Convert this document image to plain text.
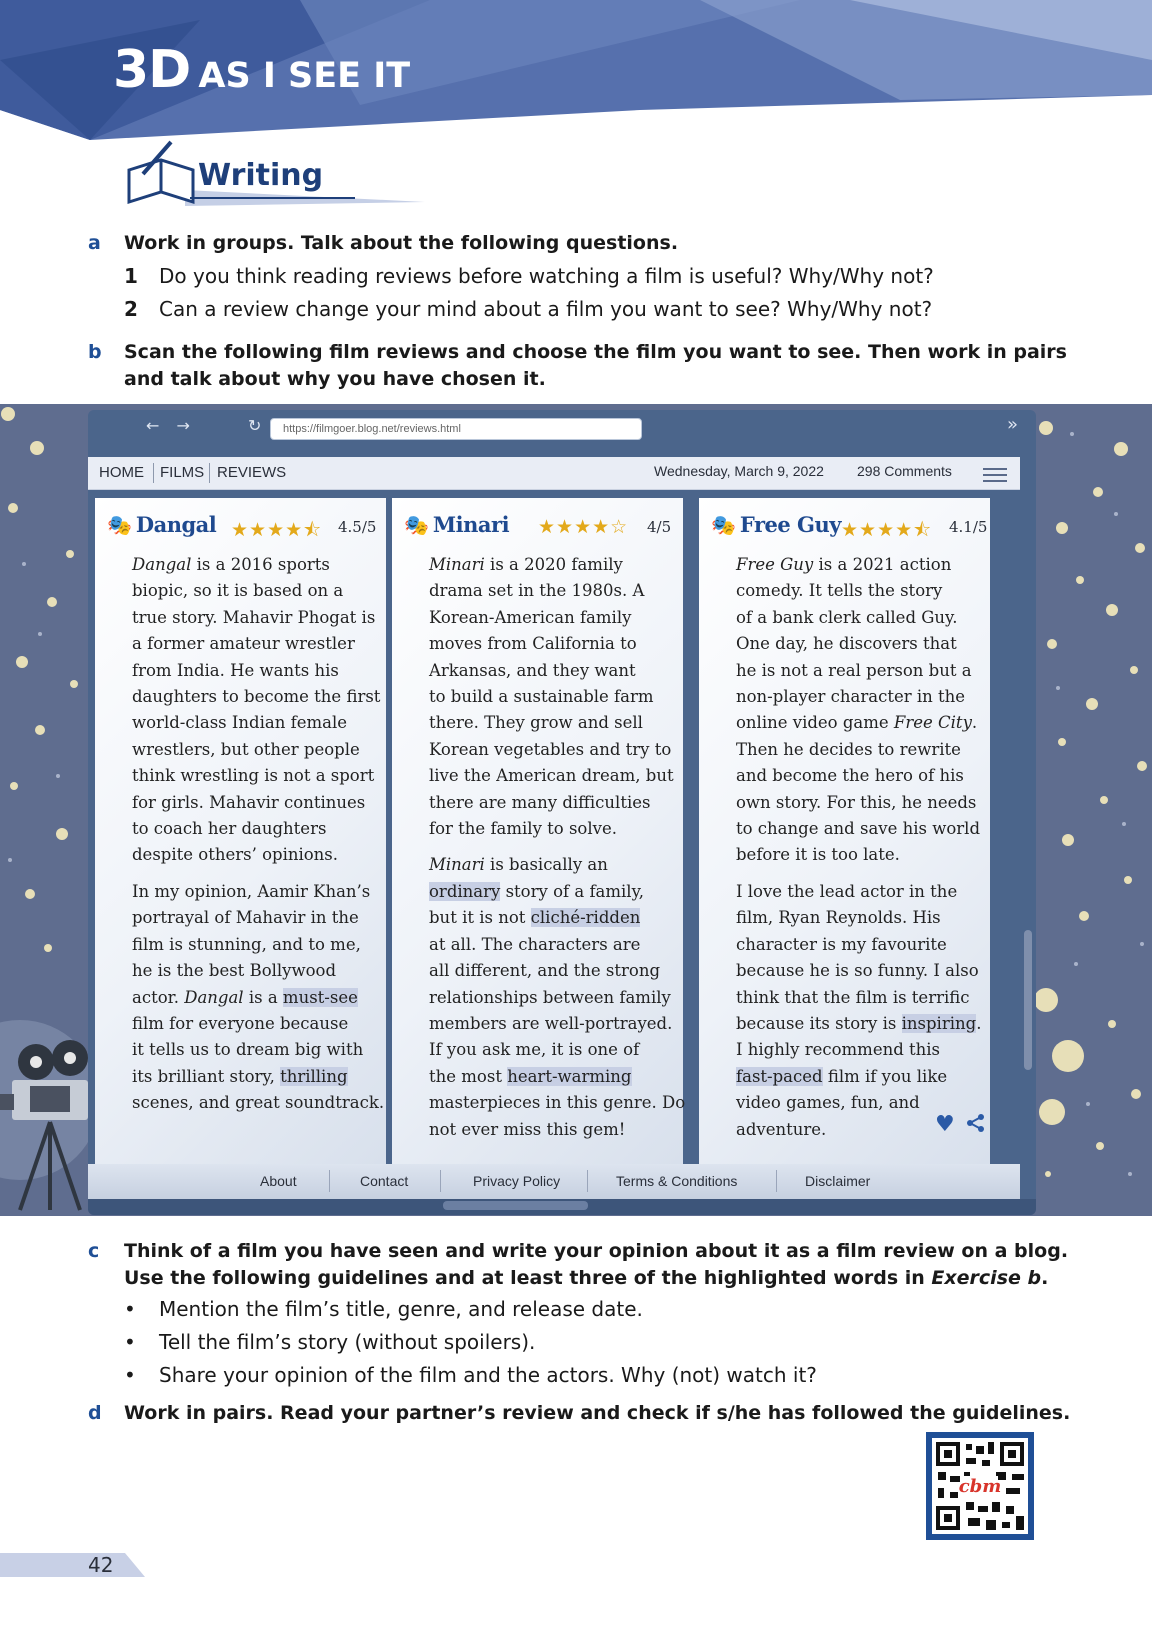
3D AS I SEE IT
Writing
a Work in groups. Talk about the following questions.
1 Do you think reading reviews before watching a film is useful? Why/Why not?
2 Can a review change your mind about a film you want to see? Why/Why not?
b Scan the following film reviews and choose the film you want to see. Then work in pairs
and talk about why you have chosen it.
← →	↻	https://filmgoer.blog.net/reviews.html	»
HOME FILMS REVIEWS	Wednesday, March 9, 2022 298 Comments
🎭 Dangal ★★★★⯪ 4.5/5

Dangal is a 2016 sports
biopic, so it is based on a
true story. Mahavir Phogat is
a former amateur wrestler
from India. He wants his
daughters to become the first
world-class Indian female
wrestlers, but other people
think wrestling is not a sport
for girls. Mahavir continues
to coach her daughters
despite others’ opinions.

In my opinion, Aamir Khan’s
portrayal of Mahavir in the
film is stunning, and to me,
he is the best Bollywood
actor. Dangal is a must-see
film for everyone because
it tells us to dream big with
its brilliant story, thrilling
scenes, and great soundtrack.

🎭 Minari ★★★★☆ 4/5

Minari is a 2020 family
drama set in the 1980s. A
Korean-American family
moves from California to
Arkansas, and they want
to build a sustainable farm
there. They grow and sell
Korean vegetables and try to
live the American dream, but
there are many difficulties
for the family to solve.

Minari is basically an
ordinary story of a family,
but it is not cliché-ridden
at all. The characters are
all different, and the strong
relationships between family
members are well-portrayed.
If you ask me, it is one of
the most heart-warming
masterpieces in this genre. Do
not ever miss this gem!

🎭 Free Guy ★★★★⯪ 4.1/5

Free Guy is a 2021 action
comedy. It tells the story
of a bank clerk called Guy.
One day, he discovers that
he is not a real person but a
non-player character in the
online video game Free City.
Then he decides to rewrite
and become the hero of his
own story. For this, he needs
to change and save his world
before it is too late.

I love the lead actor in the
film, Ryan Reynolds. His
character is my favourite
because he is so funny. I also
think that the film is terrific
because its story is inspiring.
I highly recommend this
fast-paced film if you like
video games, fun, and
adventure.	♥
About	Contact	Privacy Policy	Terms & Conditions	Disclaimer
c Think of a film you have seen and write your opinion about it as a film review on a blog.
Use the following guidelines and at least three of the highlighted words in Exercise b.
• Mention the film’s title, genre, and release date.
• Tell the film’s story (without spoilers).
• Share your opinion of the film and the actors. Why (not) watch it?
d Work in pairs. Read your partner’s review and check if s/he has followed the guidelines.
cbm
42
